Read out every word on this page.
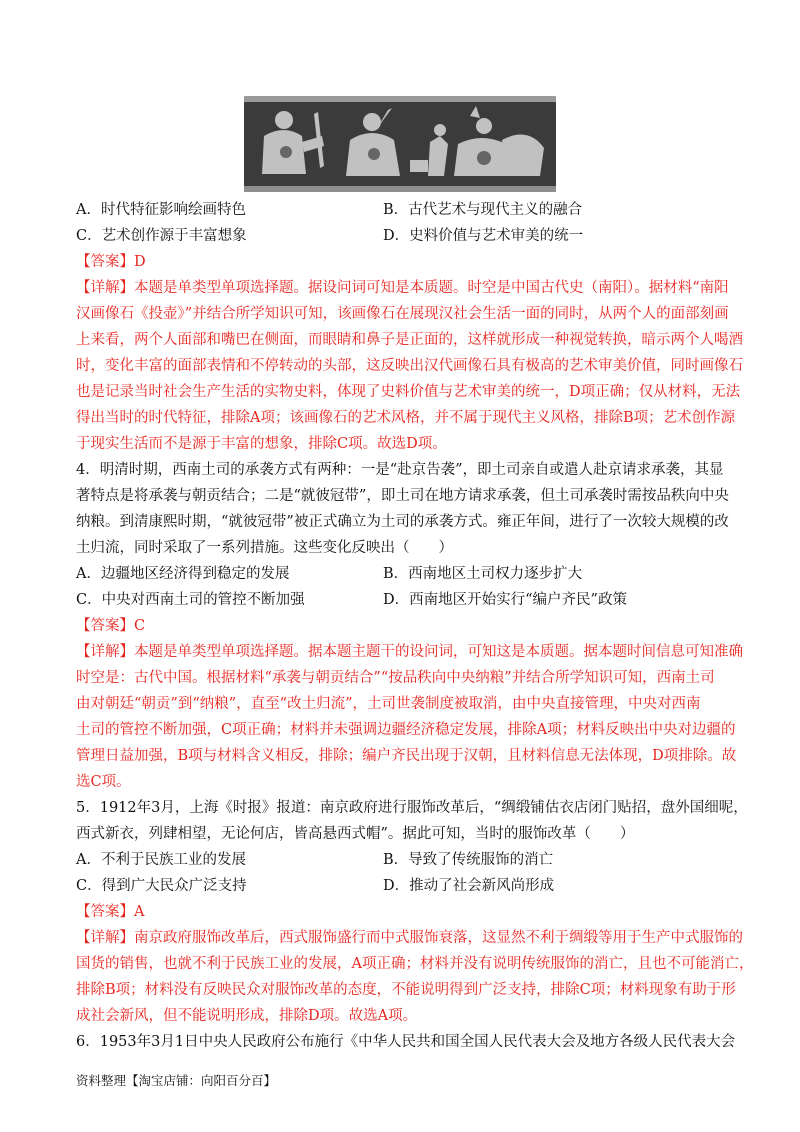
A．时代特征影响绘画特色	B．古代艺术与现代主义的融合
C．艺术创作源于丰富想象	D．史料价值与艺术审美的统一
【答案】D
【详解】本题是单类型单项选择题。据设问词可知是本质题。时空是中国古代史（南阳）。据材料“南阳
汉画像石《投壶》”并结合所学知识可知，该画像石在展现汉社会生活一面的同时，从两个人的面部刻画
上来看，两个人面部和嘴巴在侧面，而眼睛和鼻子是正面的，这样就形成一种视觉转换，暗示两个人喝酒
时，变化丰富的面部表情和不停转动的头部，这反映出汉代画像石具有极高的艺术审美价值，同时画像石
也是记录当时社会生产生活的实物史料，体现了史料价值与艺术审美的统一，D项正确；仅从材料，无法
得出当时的时代特征，排除A项；该画像石的艺术风格，并不属于现代主义风格，排除B项；艺术创作源
于现实生活而不是源于丰富的想象，排除C项。故选D项。
4．明清时期，西南土司的承袭方式有两种：一是“赴京告袭”，即土司亲自或遣人赴京请求承袭，其显
著特点是将承袭与朝贡结合；二是“就彼冠带”，即土司在地方请求承袭，但土司承袭时需按品秩向中央
纳粮。到清康熙时期，“就彼冠带”被正式确立为土司的承袭方式。雍正年间，进行了一次较大规模的改
土归流，同时采取了一系列措施。这些变化反映出（　　）
A．边疆地区经济得到稳定的发展	B．西南地区土司权力逐步扩大
C．中央对西南土司的管控不断加强	D．西南地区开始实行“编户齐民”政策
【答案】C
【详解】本题是单类型单项选择题。据本题主题干的设问词，可知这是本质题。据本题时间信息可知准确
时空是：古代中国。根据材料“承袭与朝贡结合”“按品秩向中央纳粮”并结合所学知识可知，西南土司
由对朝廷“朝贡”到“纳粮”，直至“改土归流”，土司世袭制度被取消，由中央直接管理，中央对西南
土司的管控不断加强，C项正确；材料并未强调边疆经济稳定发展，排除A项；材料反映出中央对边疆的
管理日益加强，B项与材料含义相反，排除；编户齐民出现于汉朝，且材料信息无法体现，D项排除。故
选C项。
5．1912年3月，上海《时报》报道：南京政府进行服饰改革后，“绸缎铺估衣店闭门贴招，盘外国细呢，
西式新衣，列肆相望，无论何店，皆高悬西式帽”。据此可知，当时的服饰改革（　　）
A．不利于民族工业的发展	B．导致了传统服饰的消亡
C．得到广大民众广泛支持	D．推动了社会新风尚形成
【答案】A
【详解】南京政府服饰改革后，西式服饰盛行而中式服饰衰落，这显然不利于绸缎等用于生产中式服饰的
国货的销售，也就不利于民族工业的发展，A项正确；材料并没有说明传统服饰的消亡，且也不可能消亡，
排除B项；材料没有反映民众对服饰改革的态度，不能说明得到广泛支持，排除C项；材料现象有助于形
成社会新风，但不能说明形成，排除D项。故选A项。
6．1953年3月1日中央人民政府公布施行《中华人民共和国全国人民代表大会及地方各级人民代表大会
资料整理【淘宝店铺：向阳百分百】
